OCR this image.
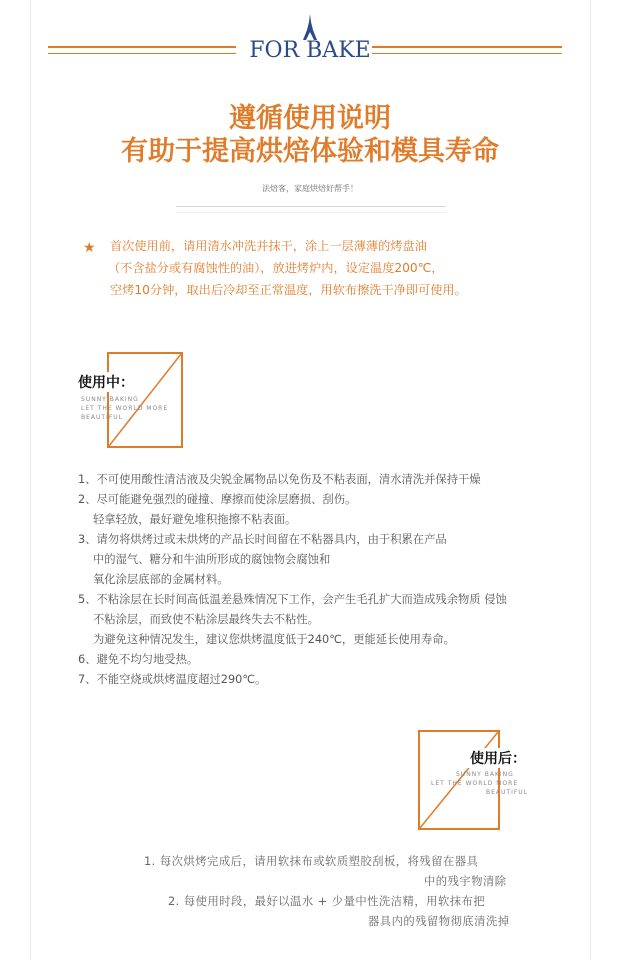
FOR BAKE
遵循使用说明
有助于提高烘焙体验和模具寿命
法焙客，家庭烘焙好帮手！
★ 首次使用前，请用清水冲洗并抹干，涂上一层薄薄的烤盘油
（不含盐分或有腐蚀性的油），放进烤炉内，设定温度200℃，
空烤10分钟，取出后冷却至正常温度，用软布擦洗干净即可使用。
使用中：
SUNNY BAKING
LET THE WORLD MORE
BEAUTIFUL
1、不可使用酸性清洁液及尖锐金属物品以免伤及不粘表面，清水清洗并保持干燥
2、尽可能避免强烈的碰撞、摩擦而使涂层磨损、刮伤。
轻拿轻放，最好避免堆积拖擦不粘表面。
3、请勿将烘烤过或未烘烤的产品长时间留在不粘器具内，由于积累在产品
中的湿气、糖分和牛油所形成的腐蚀物会腐蚀和
氧化涂层底部的金属材料。
5、不粘涂层在长时间高低温差悬殊情况下工作，会产生毛孔扩大而造成残余物质 侵蚀
不粘涂层，而致使不粘涂层最终失去不粘性。
为避免这种情况发生，建议您烘烤温度低于240℃，更能延长使用寿命。
6、避免不均匀地受热。
7、不能空烧或烘烤温度超过290℃。
使用后：
SUNNY BAKING
LET THE WORLD MORE
BEAUTIFUL
1. 每次烘烤完成后，请用软抹布或软质塑胶刮板，将残留在器具
中的残宇物清除
2. 每使用时段，最好以温水 + 少量中性洗洁精，用软抹布把
器具内的残留物彻底清洗掉
